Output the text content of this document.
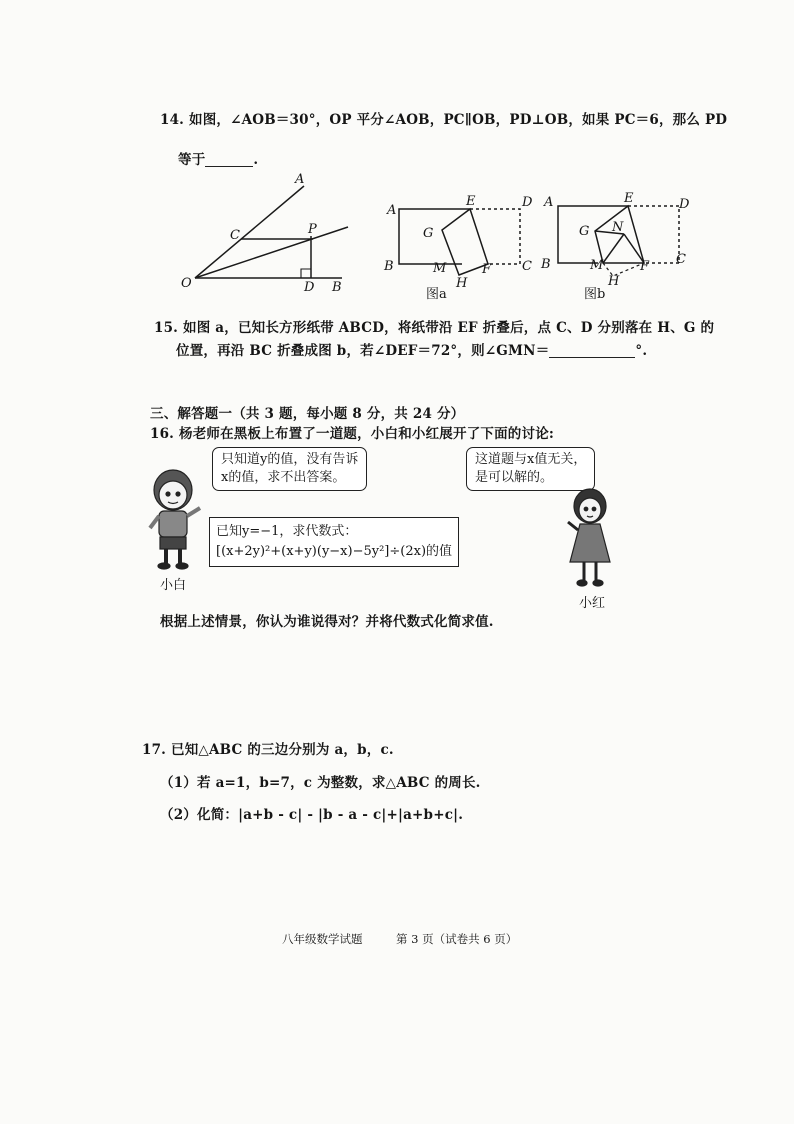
14. 如图，∠AOB＝30°，OP 平分∠AOB，PC∥OB，PD⊥OB，如果 PC＝6，那么 PD
等于	.
A
C	P
O	D B
A
B	C
D
E
F
G
H
M
图a
A
B	C
D
E
F
G
H
M
N
图b
15. 如图 a，已知长方形纸带 ABCD，将纸带沿 EF 折叠后，点 C、D 分别落在 H、G 的
位置，再沿 BC 折叠成图 b，若∠DEF＝72°，则∠GMN＝	°.
三、解答题一（共 3 题，每小题 8 分，共 24 分）
16. 杨老师在黑板上布置了一道题，小白和小红展开了下面的讨论:
只知道y的值，没有告诉
x的值，求不出答案。
这道题与x值无关，
是可以解的。
小白
已知y=−1，求代数式：
[(x+2y)²+(x+y)(y−x)−5y²]÷(2x)的值
小红
根据上述情景，你认为谁说得对？并将代数式化简求值.
17. 已知△ABC 的三边分别为 a，b，c.
（1）若 a=1，b=7，c 为整数，求△ABC 的周长.
（2）化简：|a+b - c| - |b - a - c|+|a+b+c|.
八年级数学试题	第 3 页（试卷共 6 页）
